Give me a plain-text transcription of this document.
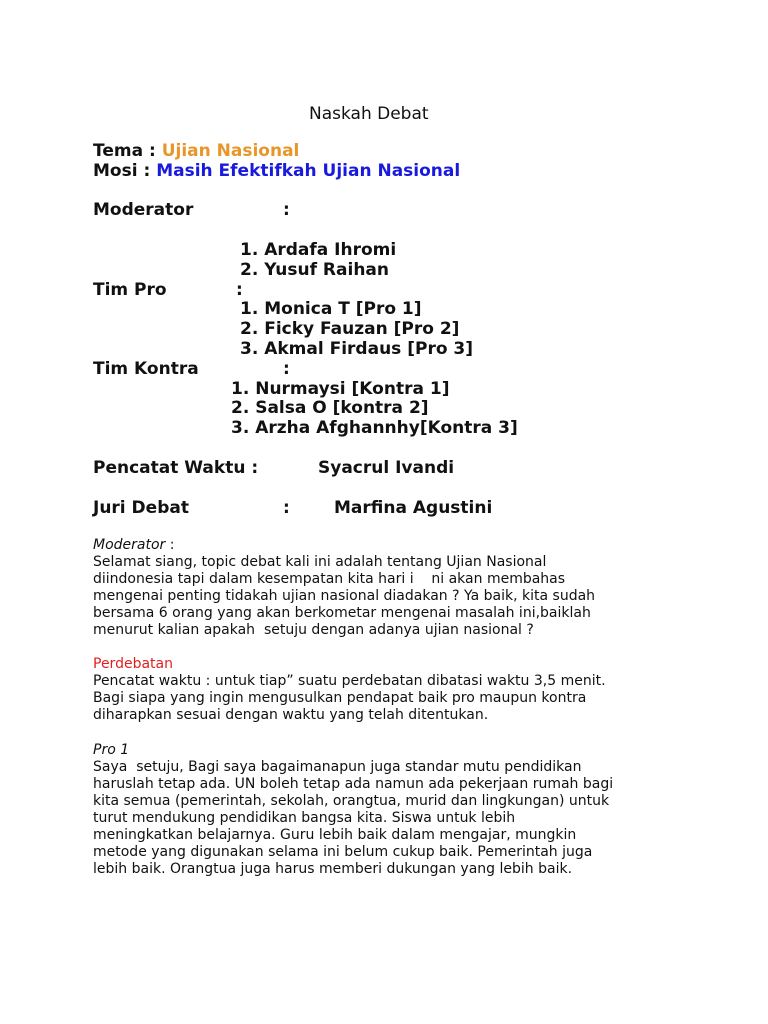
Naskah Debat
Tema : Ujian Nasional
Mosi : Masih Efektifkah Ujian Nasional
Moderator	:
1. Ardafa Ihromi
2. Yusuf Raihan
Tim Pro	:
1. Monica T [Pro 1]
2. Ficky Fauzan [Pro 2]
3. Akmal Firdaus [Pro 3]
Tim Kontra	:
1. Nurmaysi [Kontra 1]
2. Salsa O [kontra 2]
3. Arzha Afghannhy[Kontra 3]
Pencatat Waktu :	Syacrul Ivandi
Juri Debat	:	Marfina Agustini
Moderator :
Selamat siang, topic debat kali ini adalah tentang Ujian Nasional
diindonesia tapi dalam kesempatan kita hari i    ni akan membahas
mengenai penting tidakah ujian nasional diadakan ? Ya baik, kita sudah
bersama 6 orang yang akan berkometar mengenai masalah ini,baiklah
menurut kalian apakah  setuju dengan adanya ujian nasional ?
Perdebatan
Pencatat waktu : untuk tiap” suatu perdebatan dibatasi waktu 3,5 menit.
Bagi siapa yang ingin mengusulkan pendapat baik pro maupun kontra
diharapkan sesuai dengan waktu yang telah ditentukan.
Pro 1
Saya  setuju, Bagi saya bagaimanapun juga standar mutu pendidikan
haruslah tetap ada. UN boleh tetap ada namun ada pekerjaan rumah bagi
kita semua (pemerintah, sekolah, orangtua, murid dan lingkungan) untuk
turut mendukung pendidikan bangsa kita. Siswa untuk lebih
meningkatkan belajarnya. Guru lebih baik dalam mengajar, mungkin
metode yang digunakan selama ini belum cukup baik. Pemerintah juga
lebih baik. Orangtua juga harus memberi dukungan yang lebih baik.
